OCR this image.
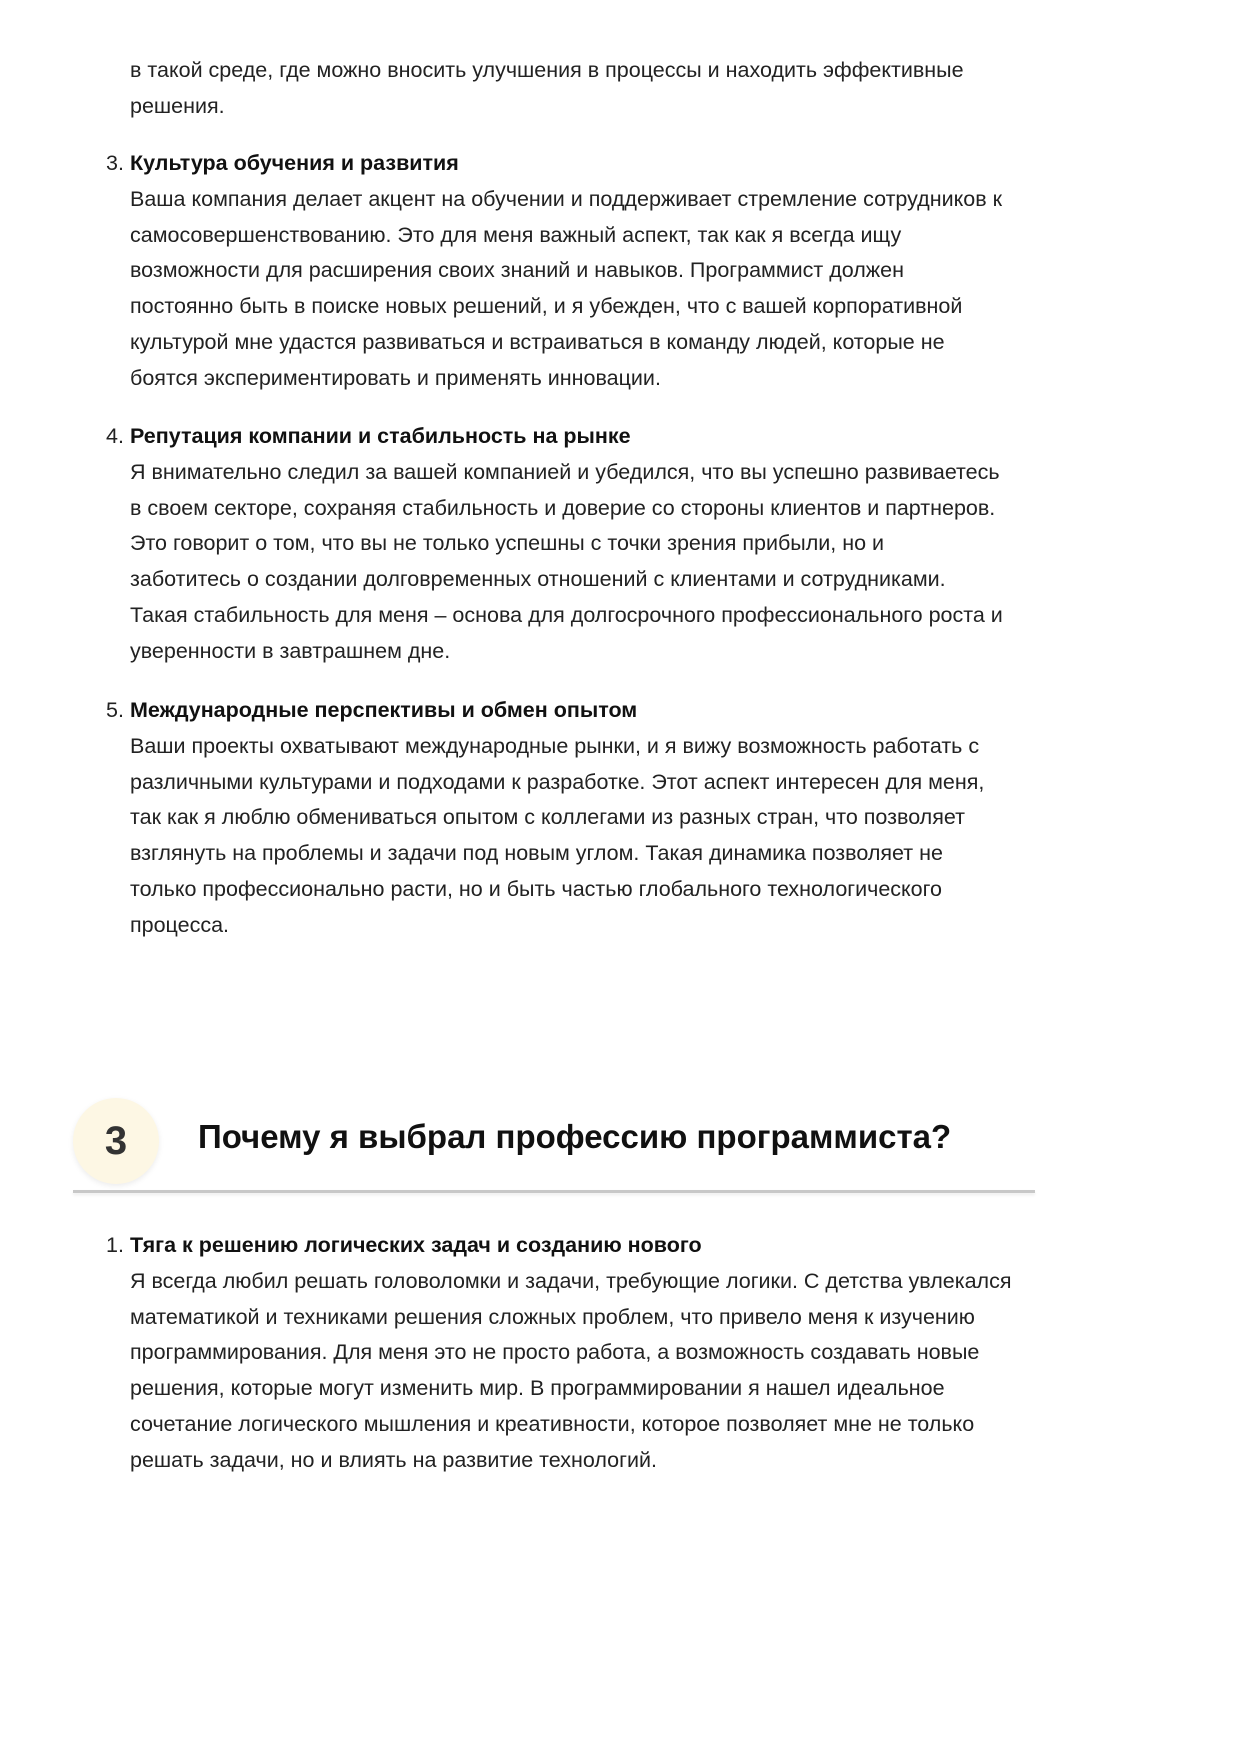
в такой среде, где можно вносить улучшения в процессы и находить эффективные
решения.
3. Культура обучения и развития
Ваша компания делает акцент на обучении и поддерживает стремление сотрудников к
самосовершенствованию. Это для меня важный аспект, так как я всегда ищу
возможности для расширения своих знаний и навыков. Программист должен
постоянно быть в поиске новых решений, и я убежден, что с вашей корпоративной
культурой мне удастся развиваться и встраиваться в команду людей, которые не
боятся экспериментировать и применять инновации.
4. Репутация компании и стабильность на рынке
Я внимательно следил за вашей компанией и убедился, что вы успешно развиваетесь
в своем секторе, сохраняя стабильность и доверие со стороны клиентов и партнеров.
Это говорит о том, что вы не только успешны с точки зрения прибыли, но и
заботитесь о создании долговременных отношений с клиентами и сотрудниками.
Такая стабильность для меня – основа для долгосрочного профессионального роста и
уверенности в завтрашнем дне.
5. Международные перспективы и обмен опытом
Ваши проекты охватывают международные рынки, и я вижу возможность работать с
различными культурами и подходами к разработке. Этот аспект интересен для меня,
так как я люблю обмениваться опытом с коллегами из разных стран, что позволяет
взглянуть на проблемы и задачи под новым углом. Такая динамика позволяет не
только профессионально расти, но и быть частью глобального технологического
процесса.
3	Почему я выбрал профессию программиста?
1. Тяга к решению логических задач и созданию нового
Я всегда любил решать головоломки и задачи, требующие логики. С детства увлекался
математикой и техниками решения сложных проблем, что привело меня к изучению
программирования. Для меня это не просто работа, а возможность создавать новые
решения, которые могут изменить мир. В программировании я нашел идеальное
сочетание логического мышления и креативности, которое позволяет мне не только
решать задачи, но и влиять на развитие технологий.
